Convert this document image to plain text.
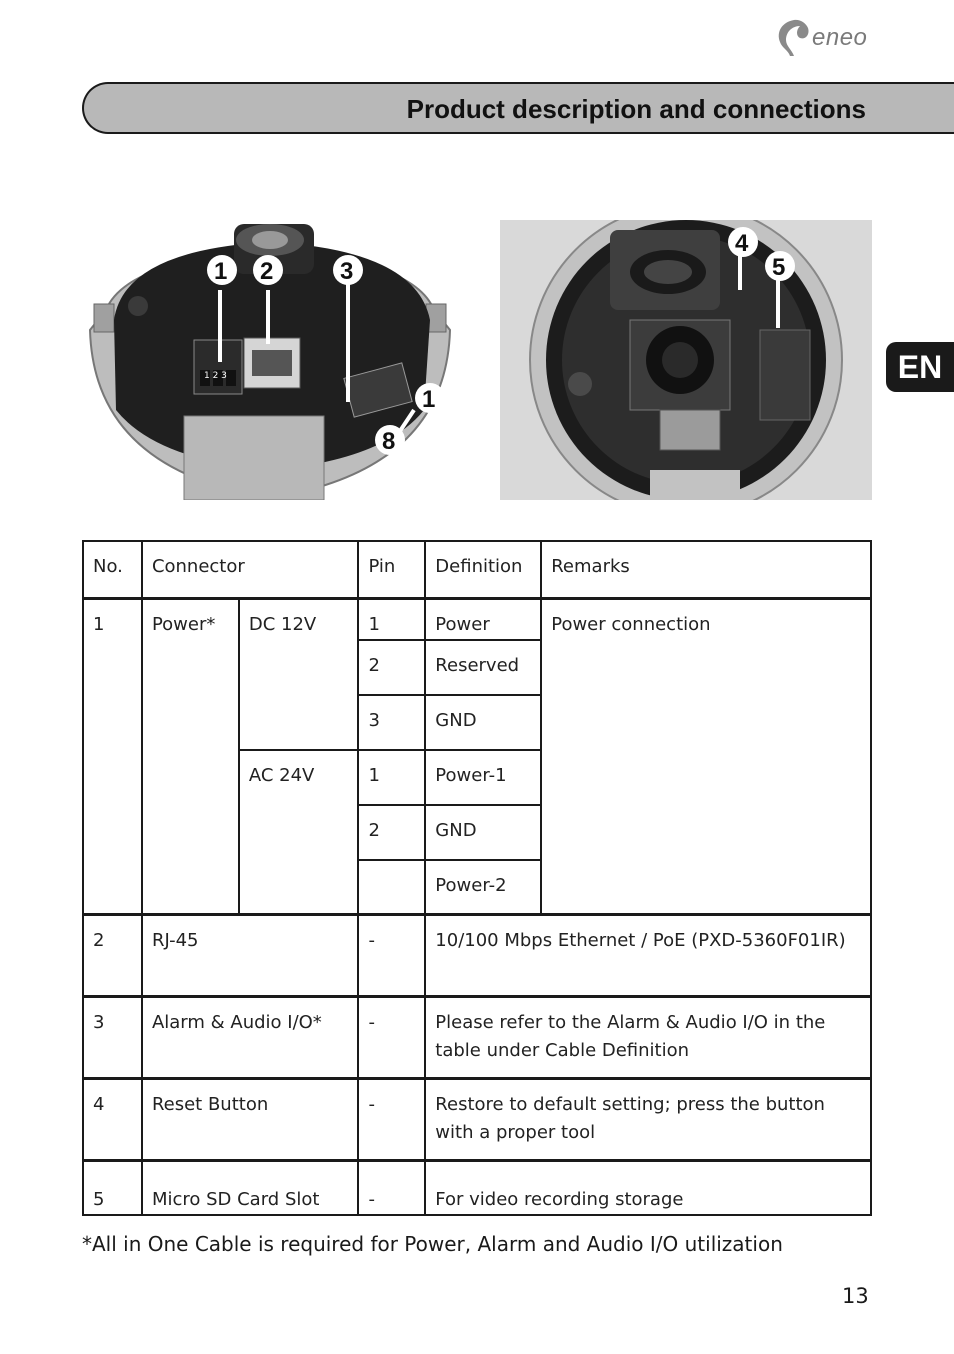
eneo
Product description and connections
EN
1 2 3
1 2	3
1
8
4
5
No.	Connector		Pin	Definition	Remarks
1	Power*	DC 12V	1	Power	Power connection
			2	Reserved	
			3	GND	
		AC 24V	1	Power-1	
			2	GND	
				Power-2	
2	RJ-45		-	10/100 Mbps Ethernet / PoE (PXD-5360F01IR)	
3	Alarm & Audio I/O*		-	Please refer to the Alarm & Audio I/O in the table under Cable Definition	
4	Reset Button		-	Restore to default setting; press the button with a proper tool	
5	Micro SD Card Slot		-	For video recording storage	
*All in One Cable is required for Power, Alarm and Audio I/O utilization
13
